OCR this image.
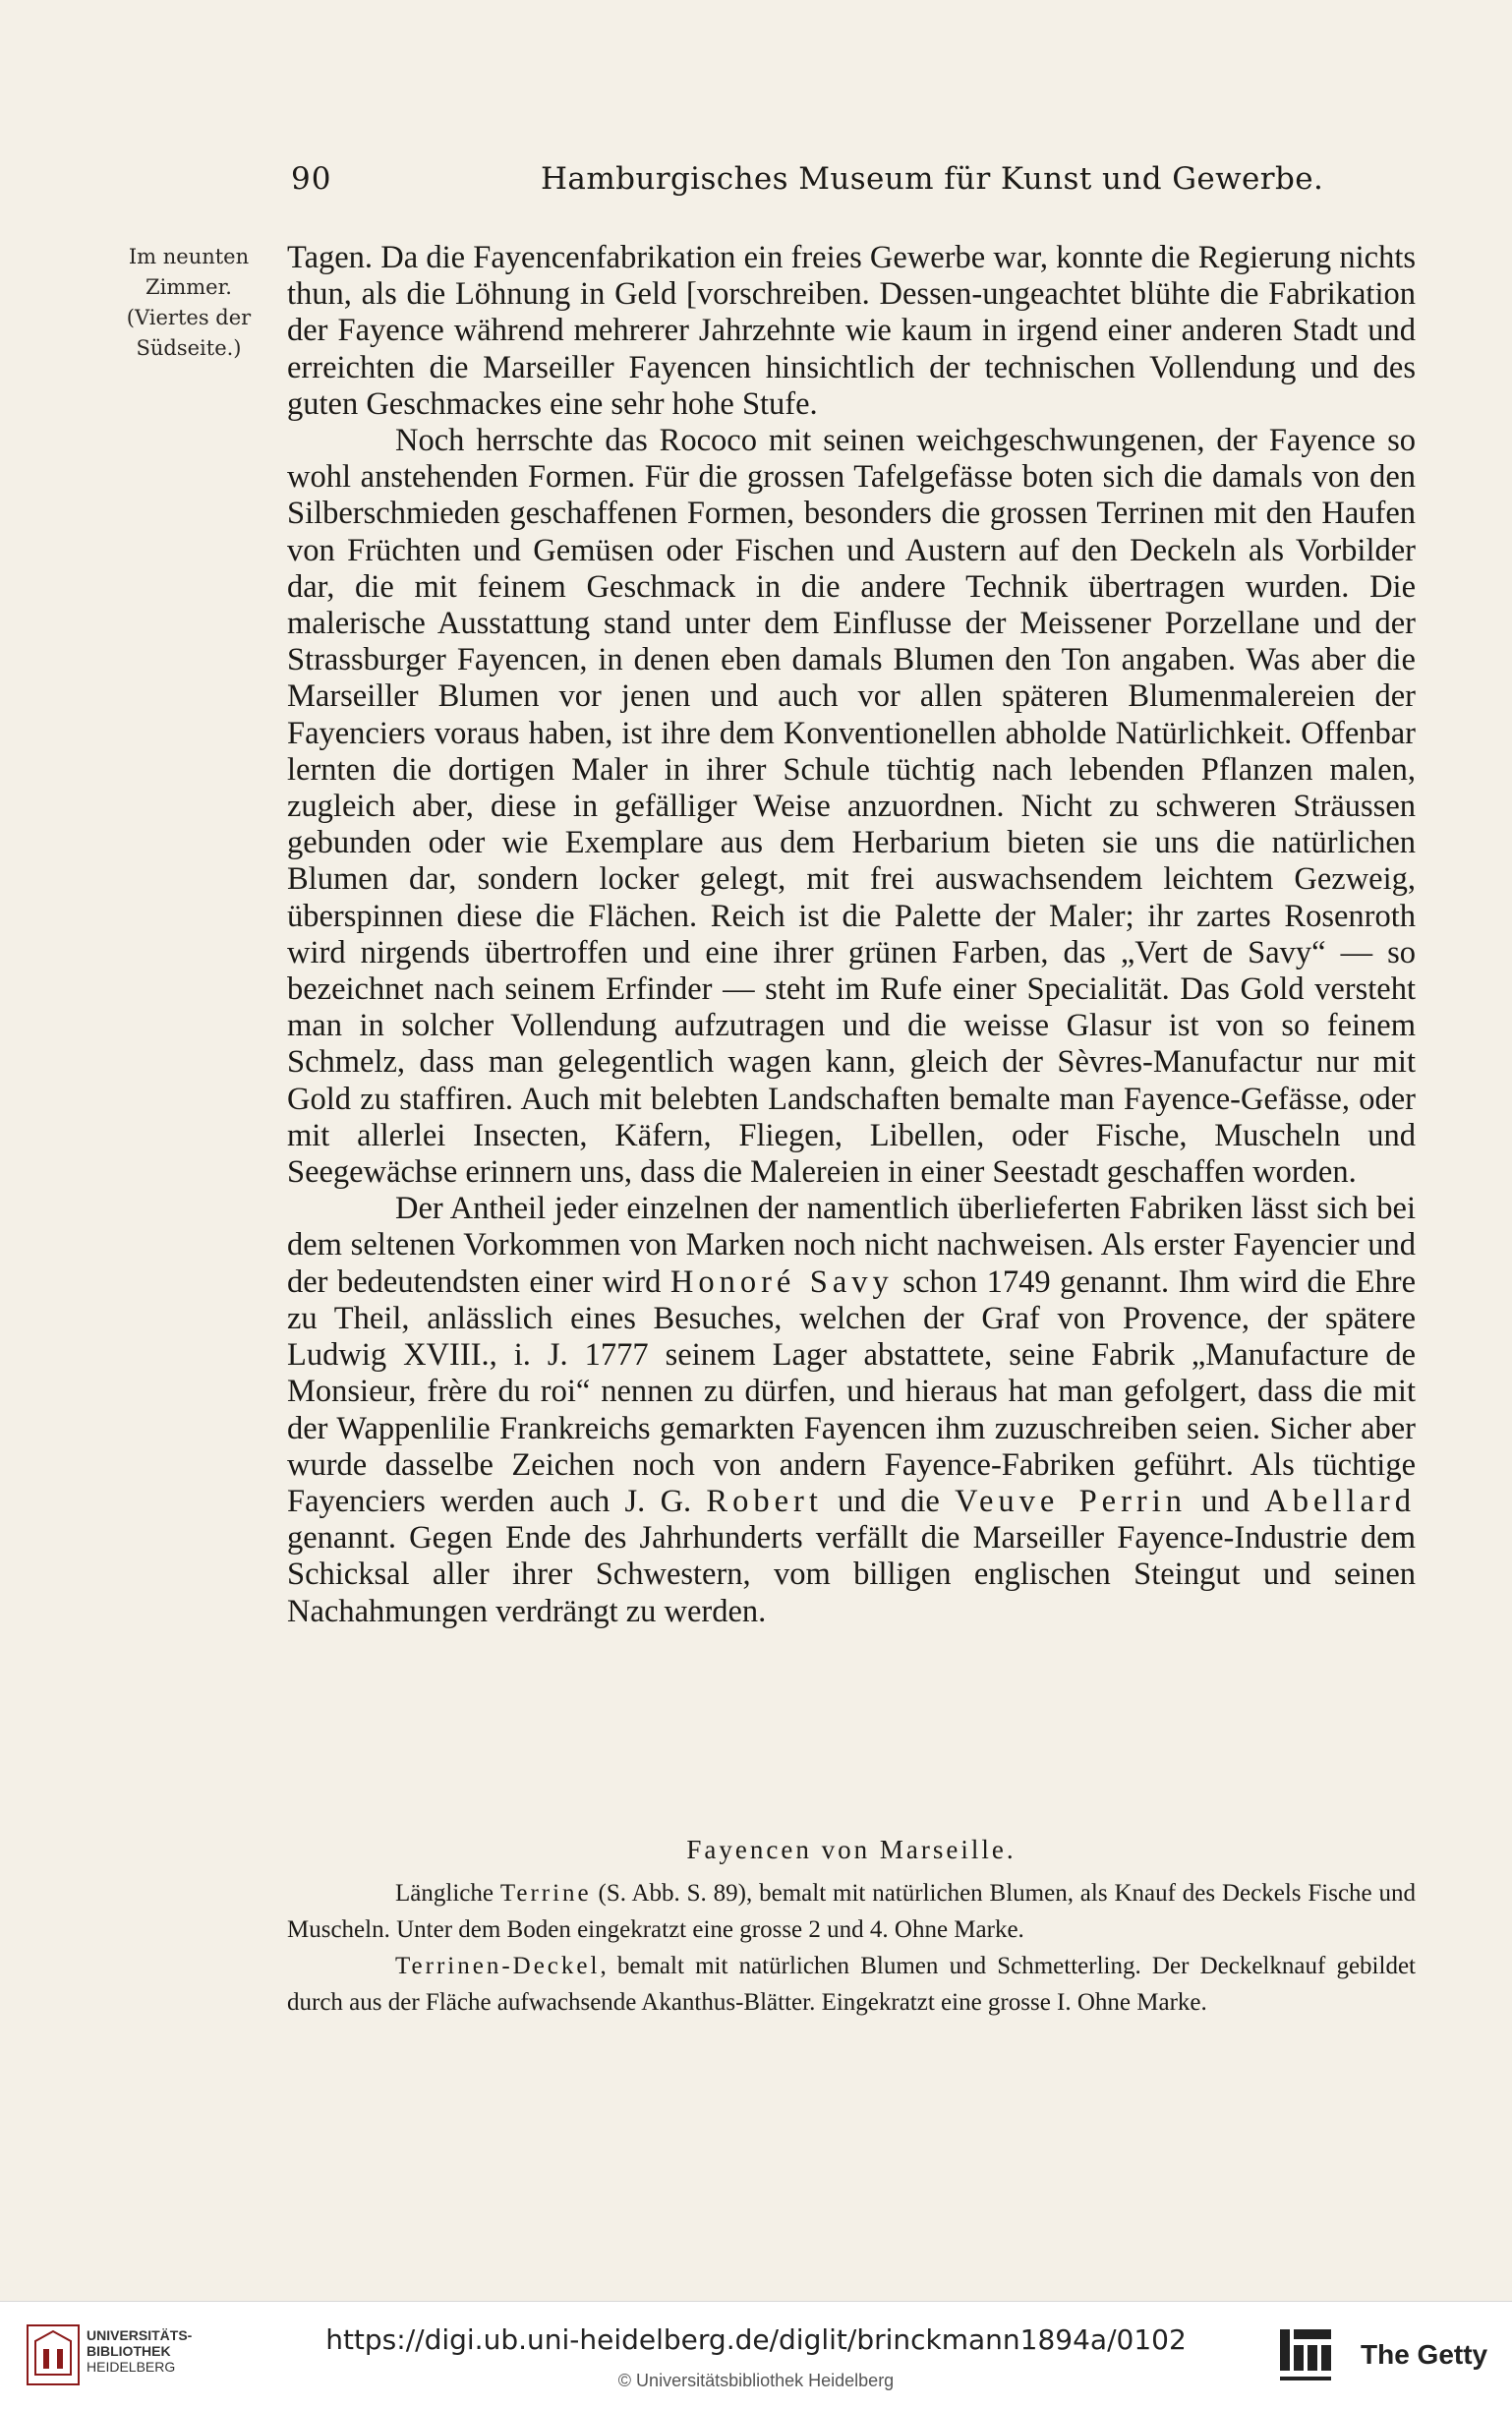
90	Hamburgisches Museum für Kunst und Gewerbe.
Im neunten
Zimmer.
(Viertes der
Südseite.)

Tagen. Da die Fayencenfabrikation ein freies Gewerbe war, konnte die Regierung nichts thun, als die Löhnung in Geld [vorschreiben. Dessen-ungeachtet blühte die Fabrikation der Fayence während mehrerer Jahrzehnte wie kaum in irgend einer anderen Stadt und erreichten die Marseiller Fayencen hinsichtlich der technischen Vollendung und des guten Geschmackes eine sehr hohe Stufe.

Noch herrschte das Rococo mit seinen weichgeschwungenen, der Fayence so wohl anstehenden Formen. Für die grossen Tafelgefässe boten sich die damals von den Silberschmieden geschaffenen Formen, besonders die grossen Terrinen mit den Haufen von Früchten und Gemüsen oder Fischen und Austern auf den Deckeln als Vorbilder dar, die mit feinem Geschmack in die andere Technik übertragen wurden. Die malerische Ausstattung stand unter dem Einflusse der Meissener Porzellane und der Strassburger Fayencen, in denen eben damals Blumen den Ton angaben. Was aber die Marseiller Blumen vor jenen und auch vor allen späteren Blumenmalereien der Fayenciers voraus haben, ist ihre dem Konventionellen abholde Natürlichkeit. Offenbar lernten die dortigen Maler in ihrer Schule tüchtig nach lebenden Pflanzen malen, zugleich aber, diese in gefälliger Weise anzuordnen. Nicht zu schweren Sträussen gebunden oder wie Exemplare aus dem Herbarium bieten sie uns die natürlichen Blumen dar, sondern locker gelegt, mit frei auswachsendem leichtem Gezweig, überspinnen diese die Flächen. Reich ist die Palette der Maler; ihr zartes Rosenroth wird nirgends übertroffen und eine ihrer grünen Farben, das „Vert de Savy“ — so bezeichnet nach seinem Erfinder — steht im Rufe einer Specialität. Das Gold versteht man in solcher Vollendung aufzutragen und die weisse Glasur ist von so feinem Schmelz, dass man gelegentlich wagen kann, gleich der Sèvres-Manufactur nur mit Gold zu staffiren. Auch mit belebten Landschaften bemalte man Fayence-Gefässe, oder mit allerlei Insecten, Käfern, Fliegen, Libellen, oder Fische, Muscheln und Seegewächse erinnern uns, dass die Malereien in einer Seestadt geschaffen worden.

Der Antheil jeder einzelnen der namentlich überlieferten Fabriken lässt sich bei dem seltenen Vorkommen von Marken noch nicht nachweisen. Als erster Fayencier und der bedeutendsten einer wird Honoré Savy schon 1749 genannt. Ihm wird die Ehre zu Theil, anlässlich eines Besuches, welchen der Graf von Provence, der spätere Ludwig XVIII., i. J. 1777 seinem Lager abstattete, seine Fabrik „Manufacture de Monsieur, frère du roi“ nennen zu dürfen, und hieraus hat man gefolgert, dass die mit der Wappenlilie Frankreichs gemarkten Fayencen ihm zuzuschreiben seien. Sicher aber wurde dasselbe Zeichen noch von andern Fayence-Fabriken geführt. Als tüchtige Fayenciers werden auch J. G. Robert und die Veuve Perrin und Abellard genannt. Gegen Ende des Jahrhunderts verfällt die Marseiller Fayence-Industrie dem Schicksal aller ihrer Schwestern, vom billigen englischen Steingut und seinen Nachahmungen verdrängt zu werden.

Fayencen von Marseille.

Längliche Terrine (S. Abb. S. 89), bemalt mit natürlichen Blumen, als Knauf des Deckels Fische und Muscheln. Unter dem Boden eingekratzt eine grosse 2 und 4. Ohne Marke.

Terrinen-Deckel, bemalt mit natürlichen Blumen und Schmetterling. Der Deckelknauf gebildet durch aus der Fläche aufwachsende Akanthus-Blätter. Eingekratzt eine grosse I. Ohne Marke.

UNIVERSITÄTS-
BIBLIOTHEK
HEIDELBERG
https://digi.ub.uni-heidelberg.de/diglit/brinckmann1894a/0102
© Universitätsbibliothek Heidelberg
The Getty
